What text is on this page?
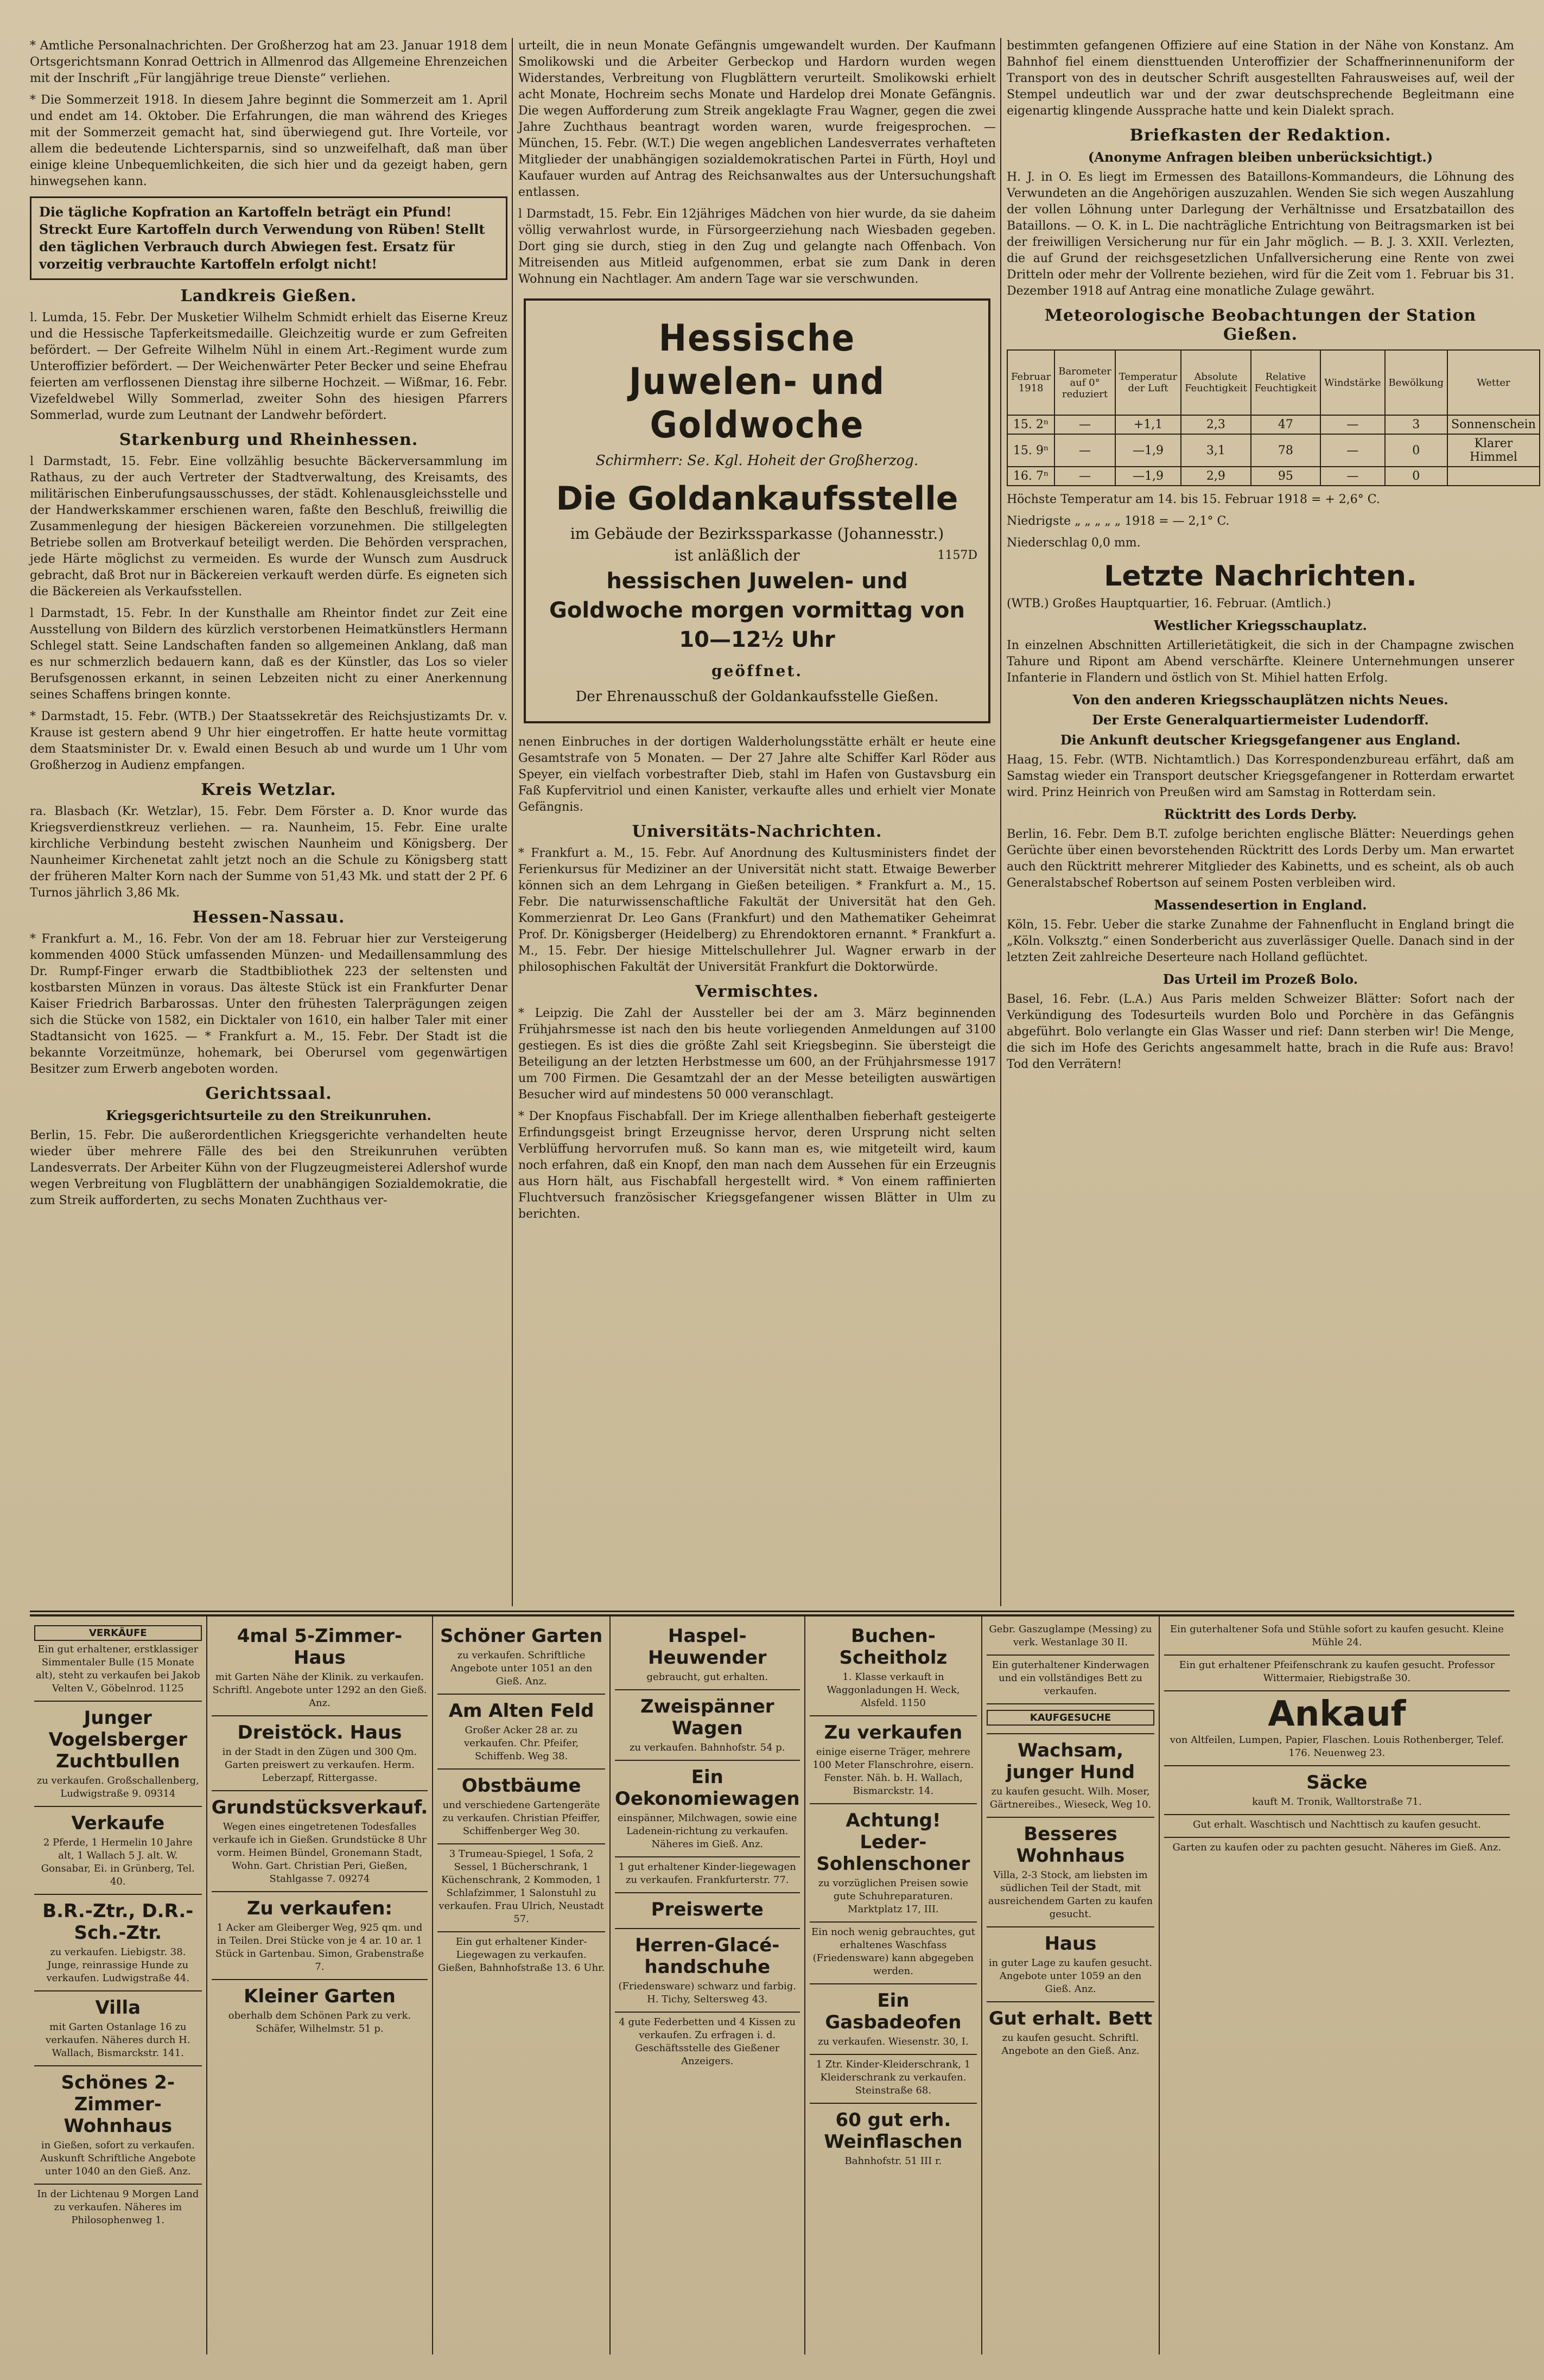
* Amtliche Personalnachrichten. Der Großherzog hat am 23. Januar 1918 dem Ortsgerichtsmann Konrad Oettrich in Allmenrod das Allgemeine Ehrenzeichen mit der Inschrift „Für langjährige treue Dienste“ verliehen.

* Die Sommerzeit 1918. In diesem Jahre beginnt die Sommerzeit am 1. April und endet am 14. Oktober. Die Erfahrungen, die man während des Krieges mit der Sommerzeit gemacht hat, sind überwiegend gut. Ihre Vorteile, vor allem die bedeutende Lichtersparnis, sind so unzweifelhaft, daß man über einige kleine Unbequemlichkeiten, die sich hier und da gezeigt haben, gern hinwegsehen kann.

Die tägliche Kopfration an Kartoffeln beträgt ein Pfund! Streckt Eure Kartoffeln durch Verwendung von Rüben! Stellt den täglichen Verbrauch durch Abwiegen fest. Ersatz für vorzeitig verbrauchte Kartoffeln erfolgt nicht!
Landkreis Gießen.

l. Lumda, 15. Febr. Der Musketier Wilhelm Schmidt erhielt das Eiserne Kreuz und die Hessische Tapferkeitsmedaille. Gleichzeitig wurde er zum Gefreiten befördert. — Der Gefreite Wilhelm Nühl in einem Art.-Regiment wurde zum Unteroffizier befördert. — Der Weichenwärter Peter Becker und seine Ehefrau feierten am verflossenen Dienstag ihre silberne Hochzeit. — Wißmar, 16. Febr. Vizefeldwebel Willy Sommerlad, zweiter Sohn des hiesigen Pfarrers Sommerlad, wurde zum Leutnant der Landwehr befördert.

Starkenburg und Rheinhessen.

l Darmstadt, 15. Febr. Eine vollzählig besuchte Bäckerversammlung im Rathaus, zu der auch Vertreter der Stadtverwaltung, des Kreisamts, des militärischen Einberufungsausschusses, der städt. Kohlenausgleichsstelle und der Handwerkskammer erschienen waren, faßte den Beschluß, freiwillig die Zusammenlegung der hiesigen Bäckereien vorzunehmen. Die stillgelegten Betriebe sollen am Brotverkauf beteiligt werden. Die Behörden versprachen, jede Härte möglichst zu vermeiden. Es wurde der Wunsch zum Ausdruck gebracht, daß Brot nur in Bäckereien verkauft werden dürfe. Es eigneten sich die Bäckereien als Verkaufsstellen.

l Darmstadt, 15. Febr. In der Kunsthalle am Rheintor findet zur Zeit eine Ausstellung von Bildern des kürzlich verstorbenen Heimatkünstlers Hermann Schlegel statt. Seine Landschaften fanden so allgemeinen Anklang, daß man es nur schmerzlich bedauern kann, daß es der Künstler, das Los so vieler Berufsgenossen erkannt, in seinen Lebzeiten nicht zu einer Anerkennung seines Schaffens bringen konnte.

* Darmstadt, 15. Febr. (WTB.) Der Staatssekretär des Reichsjustizamts Dr. v. Krause ist gestern abend 9 Uhr hier eingetroffen. Er hatte heute vormittag dem Staatsminister Dr. v. Ewald einen Besuch ab und wurde um 1 Uhr vom Großherzog in Audienz empfangen.

Kreis Wetzlar.

ra. Blasbach (Kr. Wetzlar), 15. Febr. Dem Förster a. D. Knor wurde das Kriegsverdienstkreuz verliehen. — ra. Naunheim, 15. Febr. Eine uralte kirchliche Verbindung besteht zwischen Naunheim und Königsberg. Der Naunheimer Kirchenetat zahlt jetzt noch an die Schule zu Königsberg statt der früheren Malter Korn nach der Summe von 51,43 Mk. und statt der 2 Pf. 6 Turnos jährlich 3,86 Mk.

Hessen-Nassau.

* Frankfurt a. M., 16. Febr. Von der am 18. Februar hier zur Versteigerung kommenden 4000 Stück umfassenden Münzen- und Medaillensammlung des Dr. Rumpf-Finger erwarb die Stadtbibliothek 223 der seltensten und kostbarsten Münzen in voraus. Das älteste Stück ist ein Frankfurter Denar Kaiser Friedrich Barbarossas. Unter den frühesten Talerprägungen zeigen sich die Stücke von 1582, ein Dicktaler von 1610, ein halber Taler mit einer Stadtansicht von 1625. — * Frankfurt a. M., 15. Febr. Der Stadt ist die bekannte Vorzeitmünze, hohemark, bei Oberursel vom gegenwärtigen Besitzer zum Erwerb angeboten worden.

Gerichtssaal.
Kriegsgerichtsurteile zu den Streikunruhen.

Berlin, 15. Febr. Die außerordentlichen Kriegsgerichte verhandelten heute wieder über mehrere Fälle des bei den Streikunruhen verübten Landesverrats. Der Arbeiter Kühn von der Flugzeugmeisterei Adlershof wurde wegen Verbreitung von Flugblättern der unabhängigen Sozialdemokratie, die zum Streik aufforderten, zu sechs Monaten Zuchthaus ver-

urteilt, die in neun Monate Gefängnis umgewandelt wurden. Der Kaufmann Smolikowski und die Arbeiter Gerbeckop und Hardorn wurden wegen Widerstandes, Verbreitung von Flugblättern verurteilt. Smolikowski erhielt acht Monate, Hochreim sechs Monate und Hardelop drei Monate Gefängnis. Die wegen Aufforderung zum Streik angeklagte Frau Wagner, gegen die zwei Jahre Zuchthaus beantragt worden waren, wurde freigesprochen. — München, 15. Febr. (W.T.) Die wegen angeblichen Landesverrates verhafteten Mitglieder der unabhängigen sozialdemokratischen Partei in Fürth, Hoyl und Kaufauer wurden auf Antrag des Reichsanwaltes aus der Untersuchungshaft entlassen.

l Darmstadt, 15. Febr. Ein 12jähriges Mädchen von hier wurde, da sie daheim völlig verwahrlost wurde, in Fürsorgeerziehung nach Wiesbaden gegeben. Dort ging sie durch, stieg in den Zug und gelangte nach Offenbach. Von Mitreisenden aus Mitleid aufgenommen, erbat sie zum Dank in deren Wohnung ein Nachtlager. Am andern Tage war sie verschwunden.

Hessische
Juwelen- und Goldwoche
Schirmherr: Se. Kgl. Hoheit der Großherzog.
Die Goldankaufsstelle
im Gebäude der Bezirkssparkasse (Johannesstr.)
1157D
ist anläßlich der
hessischen Juwelen- und Goldwoche morgen vormittag von 10—12½ Uhr
geöffnet.
Der Ehrenausschuß der Goldankaufsstelle Gießen.

nenen Einbruches in der dortigen Walderholungsstätte erhält er heute eine Gesamtstrafe von 5 Monaten. — Der 27 Jahre alte Schiffer Karl Röder aus Speyer, ein vielfach vorbestrafter Dieb, stahl im Hafen von Gustavsburg ein Faß Kupfervitriol und einen Kanister, verkaufte alles und erhielt vier Monate Gefängnis.

Universitäts-Nachrichten.

* Frankfurt a. M., 15. Febr. Auf Anordnung des Kultusministers findet der Ferienkursus für Mediziner an der Universität nicht statt. Etwaige Bewerber können sich an dem Lehrgang in Gießen beteiligen. * Frankfurt a. M., 15. Febr. Die naturwissenschaftliche Fakultät der Universität hat den Geh. Kommerzienrat Dr. Leo Gans (Frankfurt) und den Mathematiker Geheimrat Prof. Dr. Königsberger (Heidelberg) zu Ehrendoktoren ernannt. * Frankfurt a. M., 15. Febr. Der hiesige Mittelschullehrer Jul. Wagner erwarb in der philosophischen Fakultät der Universität Frankfurt die Doktorwürde.

Vermischtes.

* Leipzig. Die Zahl der Aussteller bei der am 3. März beginnenden Frühjahrsmesse ist nach den bis heute vorliegenden Anmeldungen auf 3100 gestiegen. Es ist dies die größte Zahl seit Kriegsbeginn. Sie übersteigt die Beteiligung an der letzten Herbstmesse um 600, an der Frühjahrsmesse 1917 um 700 Firmen. Die Gesamtzahl der an der Messe beteiligten auswärtigen Besucher wird auf mindestens 50 000 veranschlagt.

* Der Knopfaus Fischabfall. Der im Kriege allenthalben fieberhaft gesteigerte Erfindungsgeist bringt Erzeugnisse hervor, deren Ursprung nicht selten Verblüffung hervorrufen muß. So kann man es, wie mitgeteilt wird, kaum noch erfahren, daß ein Knopf, den man nach dem Aussehen für ein Erzeugnis aus Horn hält, aus Fischabfall hergestellt wird. * Von einem raffinierten Fluchtversuch französischer Kriegsgefangener wissen Blätter in Ulm zu berichten.

bestimmten gefangenen Offiziere auf eine Station in der Nähe von Konstanz. Am Bahnhof fiel einem diensttuenden Unteroffizier der Schaffnerinnenuniform der Transport von des in deutscher Schrift ausgestellten Fahrausweises auf, weil der Stempel undeutlich war und der zwar deutschsprechende Begleitmann eine eigenartig klingende Aussprache hatte und kein Dialekt sprach.

Briefkasten der Redaktion.
(Anonyme Anfragen bleiben unberücksichtigt.)

H. J. in O. Es liegt im Ermessen des Bataillons-Kommandeurs, die Löhnung des Verwundeten an die Angehörigen auszuzahlen. Wenden Sie sich wegen Auszahlung der vollen Löhnung unter Darlegung der Verhältnisse und Ersatzbataillon des Bataillons. — O. K. in L. Die nachträgliche Entrichtung von Beitragsmarken ist bei der freiwilligen Versicherung nur für ein Jahr möglich. — B. J. 3. XXII. Verlezten, die auf Grund der reichsgesetzlichen Unfallversicherung eine Rente von zwei Dritteln oder mehr der Vollrente beziehen, wird für die Zeit vom 1. Februar bis 31. Dezember 1918 auf Antrag eine monatliche Zulage gewährt.

Meteorologische Beobachtungen der Station Gießen.
Februar 1918	Barometer auf 0° reduziert	Temperatur der Luft	Absolute Feuchtigkeit	Relative Feuchtigkeit	Windstärke	Bewölkung	Wetter
15. 2ⁿ	—	+1,1	2,3	47	—	3	Sonnenschein
15. 9ⁿ	—	—1,9	3,1	78	—	0	Klarer Himmel
16. 7ⁿ	—	—1,9	2,9	95	—	0	

Höchste Temperatur am 14. bis 15. Februar 1918 = + 2,6° C.

Niedrigste „ „ „ „ „ 1918 = — 2,1° C.

Niederschlag 0,0 mm.

Letzte Nachrichten.

(WTB.) Großes Hauptquartier, 16. Februar. (Amtlich.)

Westlicher Kriegsschauplatz.

In einzelnen Abschnitten Artillerietätigkeit, die sich in der Champagne zwischen Tahure und Ripont am Abend verschärfte. Kleinere Unternehmungen unserer Infanterie in Flandern und östlich von St. Mihiel hatten Erfolg.

Von den anderen Kriegsschauplätzen nichts Neues.
Der Erste Generalquartiermeister Ludendorff.
Die Ankunft deutscher Kriegsgefangener aus England.

Haag, 15. Febr. (WTB. Nichtamtlich.) Das Korrespondenzbureau erfährt, daß am Samstag wieder ein Transport deutscher Kriegsgefangener in Rotterdam erwartet wird. Prinz Heinrich von Preußen wird am Samstag in Rotterdam sein.

Rücktritt des Lords Derby.

Berlin, 16. Febr. Dem B.T. zufolge berichten englische Blätter: Neuerdings gehen Gerüchte über einen bevorstehenden Rücktritt des Lords Derby um. Man erwartet auch den Rücktritt mehrerer Mitglieder des Kabinetts, und es scheint, als ob auch Generalstabschef Robertson auf seinem Posten verbleiben wird.

Massendesertion in England.

Köln, 15. Febr. Ueber die starke Zunahme der Fahnenflucht in England bringt die „Köln. Volksztg.“ einen Sonderbericht aus zuverlässiger Quelle. Danach sind in der letzten Zeit zahlreiche Deserteure nach Holland geflüchtet.

Das Urteil im Prozeß Bolo.

Basel, 16. Febr. (L.A.) Aus Paris melden Schweizer Blätter: Sofort nach der Verkündigung des Todesurteils wurden Bolo und Porchère in das Gefängnis abgeführt. Bolo verlangte ein Glas Wasser und rief: Dann sterben wir! Die Menge, die sich im Hofe des Gerichts angesammelt hatte, brach in die Rufe aus: Bravo! Tod den Verrätern!

VERKÄUFE
Ein gut erhaltener, erstklassiger Simmentaler Bulle (15 Monate alt), steht zu verkaufen bei Jakob Velten V., Göbelnrod. 1125
Junger Vogelsberger Zuchtbullen
zu verkaufen. Großschallenberg, Ludwigstraße 9. 09314
Verkaufe
2 Pferde, 1 Hermelin 10 Jahre alt, 1 Wallach 5 J. alt. W. Gonsabar, Ei. in Grünberg, Tel. 40.
B.R.-Ztr., D.R.-Sch.-Ztr.
zu verkaufen. Liebigstr. 38. Junge, reinrassige Hunde zu verkaufen. Ludwigstraße 44.
Villa
mit Garten Ostanlage 16 zu verkaufen. Näheres durch H. Wallach, Bismarckstr. 141.
Schönes 2-Zimmer-Wohnhaus
in Gießen, sofort zu verkaufen. Auskunft Schriftliche Angebote unter 1040 an den Gieß. Anz.
In der Lichtenau 9 Morgen Land zu verkaufen. Näheres im Philosophenweg 1.
4mal 5-Zimmer-Haus
mit Garten Nähe der Klinik. zu verkaufen. Schriftl. Angebote unter 1292 an den Gieß. Anz.
Dreistöck. Haus
in der Stadt in den Zügen und 300 Qm. Garten preiswert zu verkaufen. Herm. Leberzapf, Rittergasse.
Grundstücksverkauf.
Wegen eines eingetretenen Todesfalles verkaufe ich in Gießen. Grundstücke 8 Uhr vorm. Heimen Bündel, Gronemann Stadt, Wohn. Gart. Christian Peri, Gießen, Stahlgasse 7. 09274
Zu verkaufen:
1 Acker am Gleiberger Weg, 925 qm. und in Teilen. Drei Stücke von je 4 ar. 10 ar. 1 Stück in Gartenbau. Simon, Grabenstraße 7.
Kleiner Garten
oberhalb dem Schönen Park zu verk. Schäfer, Wilhelmstr. 51 p.
Schöner Garten
zu verkaufen. Schriftliche Angebote unter 1051 an den Gieß. Anz.
Am Alten Feld
Großer Acker 28 ar. zu verkaufen. Chr. Pfeifer, Schiffenb. Weg 38.
Obstbäume
und verschiedene Gartengeräte zu verkaufen. Christian Pfeiffer, Schiffenberger Weg 30.
3 Trumeau-Spiegel, 1 Sofa, 2 Sessel, 1 Bücherschrank, 1 Küchenschrank, 2 Kommoden, 1 Schlafzimmer, 1 Salonstuhl zu verkaufen. Frau Ulrich, Neustadt 57.
Ein gut erhaltener Kinder-Liegewagen zu verkaufen. Gießen, Bahnhofstraße 13. 6 Uhr.
Haspel-Heuwender
gebraucht, gut erhalten.
Zweispänner Wagen
zu verkaufen. Bahnhofstr. 54 p.
Ein Oekonomiewagen
einspänner, Milchwagen, sowie eine Ladenein-richtung zu verkaufen. Näheres im Gieß. Anz.
1 gut erhaltener Kinder-liegewagen zu verkaufen. Frankfurterstr. 77.
Preiswerte
Herren-Glacé-handschuhe
(Friedensware) schwarz und farbig. H. Tichy, Seltersweg 43.
4 gute Federbetten und 4 Kissen zu verkaufen. Zu erfragen i. d. Geschäftsstelle des Gießener Anzeigers.
Buchen-Scheitholz
1. Klasse verkauft in Waggonladungen H. Weck, Alsfeld. 1150
Zu verkaufen
einige eiserne Träger, mehrere 100 Meter Flanschrohre, eisern. Fenster. Näh. b. H. Wallach, Bismarckstr. 14.
Achtung! Leder-Sohlenschoner
zu vorzüglichen Preisen sowie gute Schuhreparaturen. Marktplatz 17, III.
Ein noch wenig gebrauchtes, gut erhaltenes Waschfass (Friedensware) kann abgegeben werden.
Ein Gasbadeofen
zu verkaufen. Wiesenstr. 30, I.
1 Ztr. Kinder-Kleiderschrank, 1 Kleiderschrank zu verkaufen. Steinstraße 68.
60 gut erh. Weinflaschen
Bahnhofstr. 51 III r.
Gebr. Gaszuglampe (Messing) zu verk. Westanlage 30 II.
Ein guterhaltener Kinderwagen und ein vollständiges Bett zu verkaufen.
KAUFGESUCHE
Wachsam, junger Hund
zu kaufen gesucht. Wilh. Moser, Gärtnereibes., Wieseck, Weg 10.
Besseres Wohnhaus
Villa, 2-3 Stock, am liebsten im südlichen Teil der Stadt, mit ausreichendem Garten zu kaufen gesucht.
Haus
in guter Lage zu kaufen gesucht. Angebote unter 1059 an den Gieß. Anz.
Gut erhalt. Bett
zu kaufen gesucht. Schriftl. Angebote an den Gieß. Anz.
Ein guterhaltener Sofa und Stühle sofort zu kaufen gesucht. Kleine Mühle 24.
Ein gut erhaltener Pfeifenschrank zu kaufen gesucht. Professor Wittermaier, Riebigstraße 30.
Ankauf
von Altfeilen, Lumpen, Papier, Flaschen. Louis Rothenberger, Telef. 176. Neuenweg 23.
Säcke
kauft M. Tronik, Walltorstraße 71.
Gut erhalt. Waschtisch und Nachttisch zu kaufen gesucht.
Garten zu kaufen oder zu pachten gesucht. Näheres im Gieß. Anz.
